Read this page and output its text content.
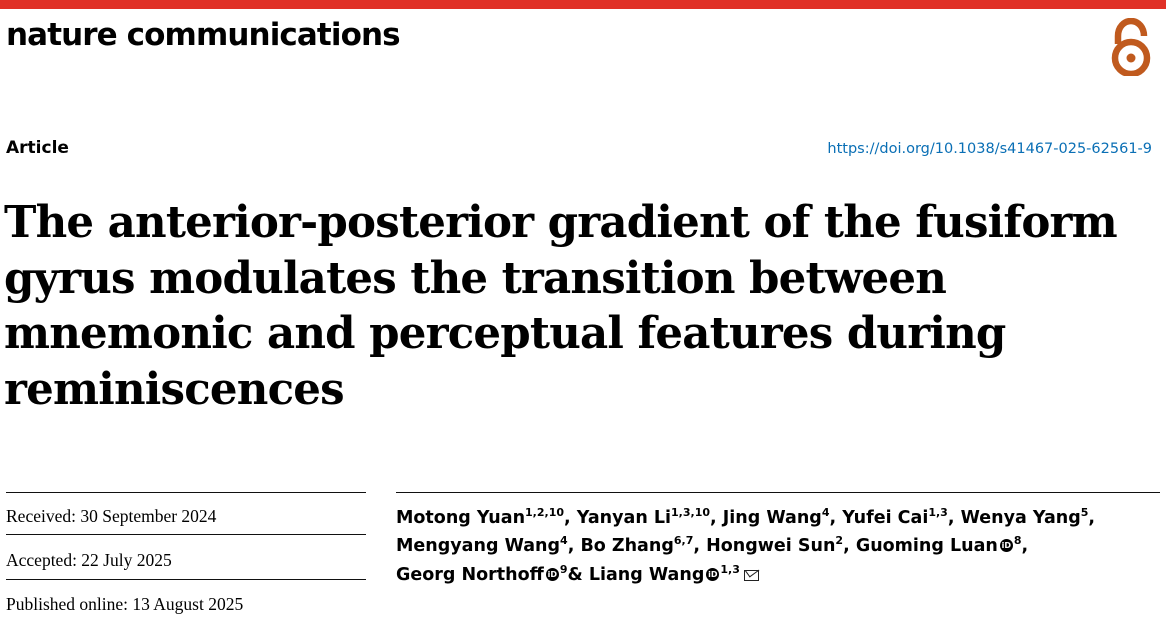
nature communications
Article	https://doi.org/10.1038/s41467-025-62561-9
The anterior-posterior gradient of the fusiform gyrus modulates the transition between mnemonic and perceptual features during reminiscences
Received: 30 September 2024
Accepted: 22 July 2025
Published online: 13 August 2025
Motong Yuan$^{1,2,10}$, Yanyan Li$^{1,3,10}$, Jing Wang$^4$, Yufei Cai$^{1,3}$, Wenya Yang$^5$,
Mengyang Wang$^4$, Bo Zhang$^{6,7}$, Hongwei Sun$^2$, Guoming Luan iD $^8$,
Georg Northoff iD $^9$& Liang Wang iD $^{1,3}$
